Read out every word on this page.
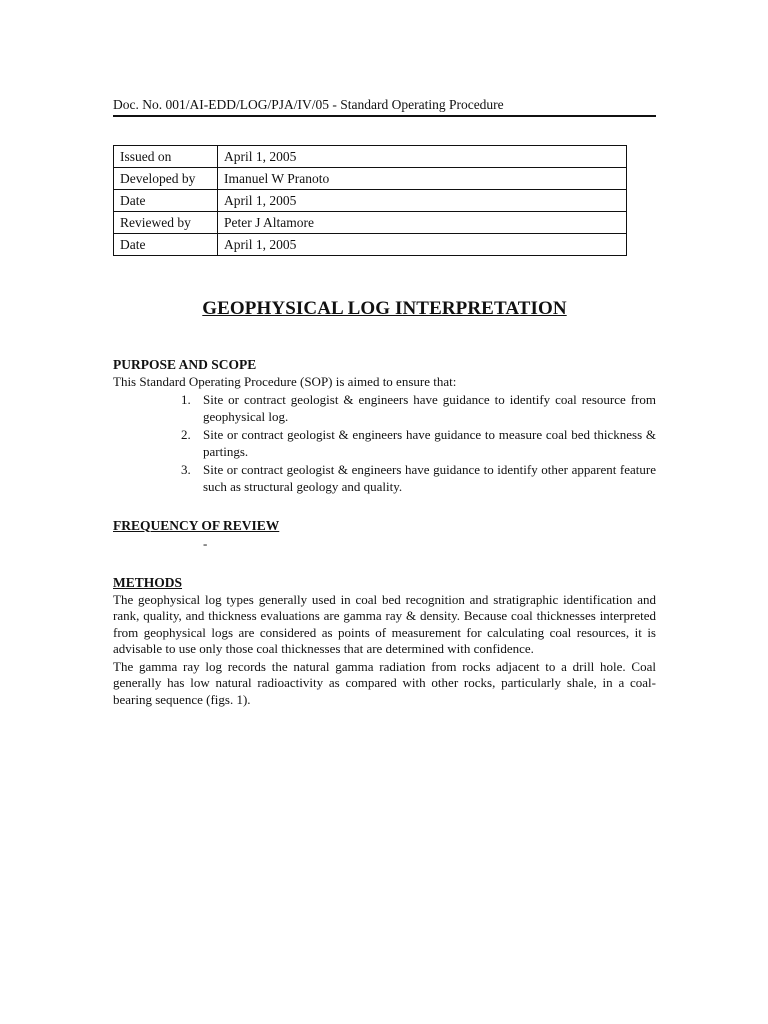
Doc. No. 001/AI-EDD/LOG/PJA/IV/05 - Standard Operating Procedure
Issued on	April 1, 2005
Developed by	Imanuel W Pranoto
Date	April 1, 2005
Reviewed by	Peter J Altamore
Date	April 1, 2005
GEOPHYSICAL LOG INTERPRETATION
PURPOSE AND SCOPE
This Standard Operating Procedure (SOP) is aimed to ensure that:
1. Site or contract geologist & engineers have guidance to identify coal resource from geophysical log.
2. Site or contract geologist & engineers have guidance to measure coal bed thickness & partings.
3. Site or contract geologist & engineers have guidance to identify other apparent feature such as structural geology and quality.
FREQUENCY OF REVIEW
-
METHODS
The geophysical log types generally used in coal bed recognition and stratigraphic identification and rank, quality, and thickness evaluations are gamma ray & density. Because coal thicknesses interpreted from geophysical logs are considered as points of measurement for calculating coal resources, it is advisable to use only those coal thicknesses that are determined with confidence.
The gamma ray log records the natural gamma radiation from rocks adjacent to a drill hole. Coal generally has low natural radioactivity as compared with other rocks, particularly shale, in a coal-bearing sequence (figs. 1).
